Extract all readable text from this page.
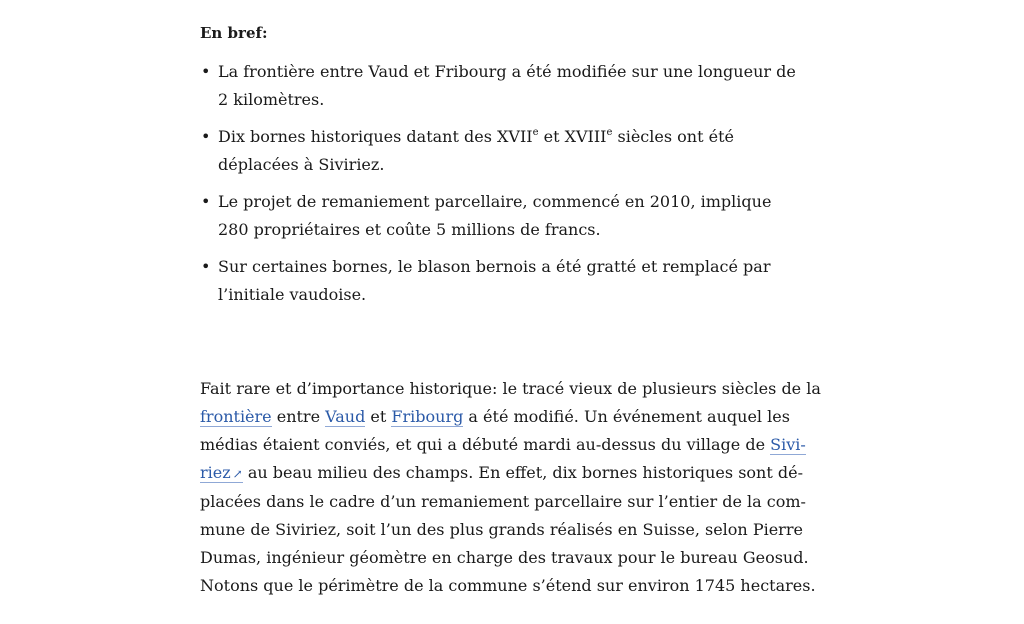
En bref:

• La frontière entre Vaud et Fribourg a été modifiée sur une longueur de
2 kilomètres.
• Dix bornes historiques datant des XVIIe et XVIIIe siècles ont été
déplacées à Siviriez.
• Le projet de remaniement parcellaire, commencé en 2010, implique
280 propriétaires et coûte 5 millions de francs.
• Sur certaines bornes, le blason bernois a été gratté et remplacé par
l’initiale vaudoise.

Fait rare et d’importance historique: le tracé vieux de plusieurs siècles de la
frontière entre Vaud et Fribourg a été modifié. Un événement auquel les
médias étaient conviés, et qui a débuté mardi au-dessus du village de Sivi-
riez ↗ au beau milieu des champs. En effet, dix bornes historiques sont dé-
placées dans le cadre d’un remaniement parcellaire sur l’entier de la com-
mune de Siviriez, soit l’un des plus grands réalisés en Suisse, selon Pierre
Dumas, ingénieur géomètre en charge des travaux pour le bureau Geosud.
Notons que le périmètre de la commune s’étend sur environ 1745 hectares.
